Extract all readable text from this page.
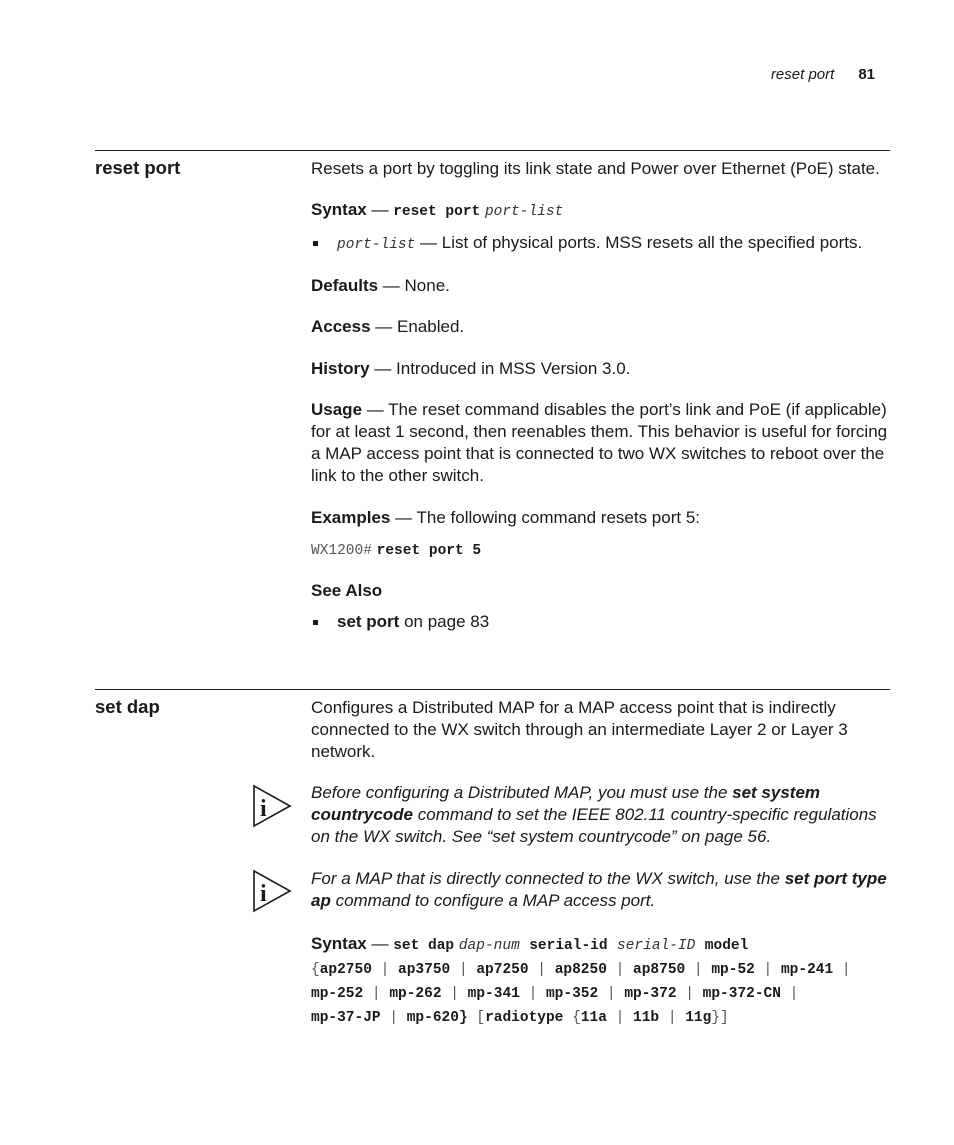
reset port 81
reset port	Resets a port by toggling its link state and Power over Ethernet (PoE) state.

Syntax — reset port port-list

port-list — List of physical ports. MSS resets all the specified ports.

Defaults — None.

Access — Enabled.

History — Introduced in MSS Version 3.0.

Usage — The reset command disables the port’s link and PoE (if applicable) for at least 1 second, then reenables them. This behavior is useful for forcing a MAP access point that is connected to two WX switches to reboot over the link to the other switch.

Examples — The following command resets port 5:

WX1200# reset port 5

See Also

set port on page 83
set dap	Configures a Distributed MAP for a MAP access point that is indirectly connected to the WX switch through an intermediate Layer 2 or Layer 3 network.

i
Before configuring a Distributed MAP, you must use the set system countrycode command to set the IEEE 802.11 country-specific regulations on the WX switch. See “set system countrycode” on page 56.
i
For a MAP that is directly connected to the WX switch, use the set port type ap command to configure a MAP access port.
Syntax — set dap dap-num serial-id serial-ID model
{ap2750 | ap3750 | ap7250 | ap8250 | ap8750 | mp-52 | mp-241 |
mp-252 | mp-262 | mp-341 | mp-352 | mp-372 | mp-372-CN |
mp-37-JP | mp-620} [radiotype {11a | 11b | 11g}]
